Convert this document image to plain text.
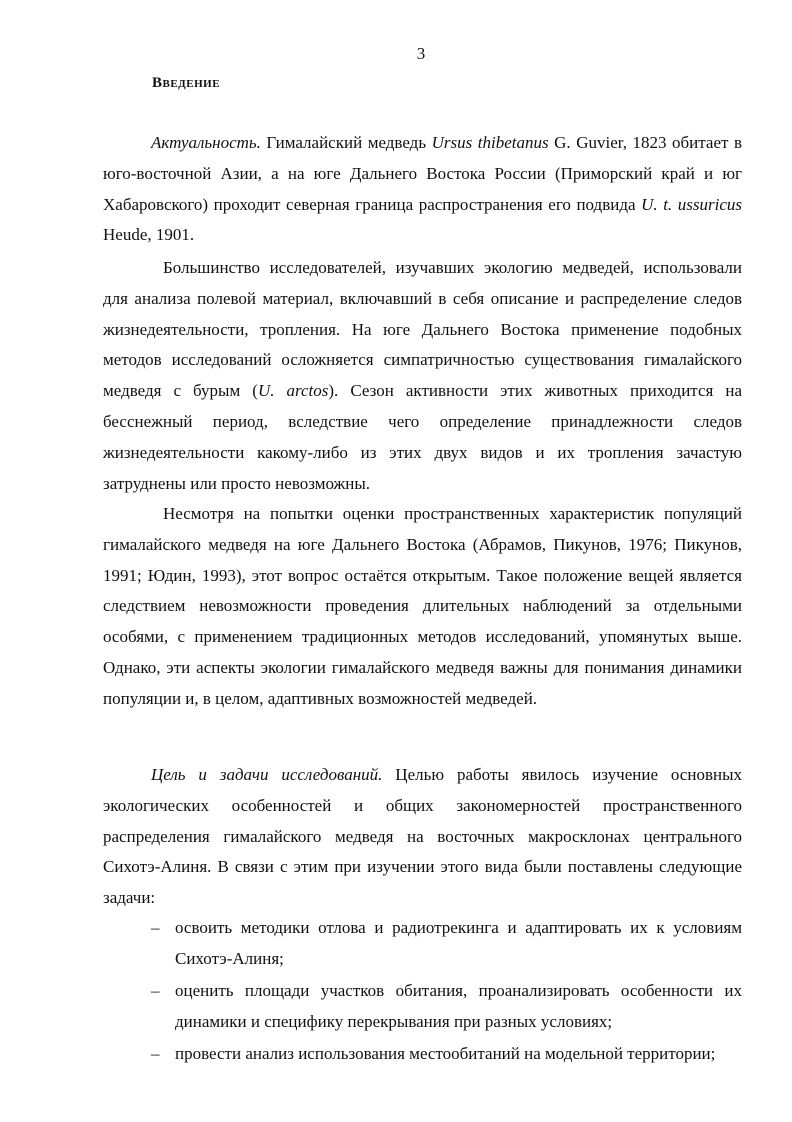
3
Введение

Актуальность. Гималайский медведь Ursus thibetanus G. Guvier, 1823 обитает в юго-восточной Азии, а на юге Дальнего Востока России (Приморский край и юг Хабаровского) проходит северная граница распространения его подвида U. t. ussuricus Heude, 1901.

Большинство исследователей, изучавших экологию медведей, использовали для анализа полевой материал, включавший в себя описание и распределение следов жизнедеятельности, тропления. На юге Дальнего Востока применение подобных методов исследований осложняется симпатричностью существования гималайского медведя с бурым (U. arctos). Сезон активности этих животных приходится на бесснежный период, вследствие чего определение принадлежности следов жизнедеятельности какому-либо из этих двух видов и их тропления зачастую затруднены или просто невозможны.

Несмотря на попытки оценки пространственных характеристик популяций гималайского медведя на юге Дальнего Востока (Абрамов, Пикунов, 1976; Пикунов, 1991; Юдин, 1993), этот вопрос остаётся открытым. Такое положение вещей является следствием невозможности проведения длительных наблюдений за отдельными особями, с применением традиционных методов исследований, упомянутых выше. Однако, эти аспекты экологии гималайского медведя важны для понимания динамики популяции и, в целом, адаптивных возможностей медведей.

Цель и задачи исследований. Целью работы явилось изучение основных экологических особенностей и общих закономерностей пространственного распределения гималайского медведя на восточных макросклонах центрального Сихотэ-Алиня. В связи с этим при изучении этого вида были поставлены следующие задачи:

– освоить методики отлова и радиотрекинга и адаптировать их к условиям Сихотэ-Алиня;
– оценить площади участков обитания, проанализировать особенности их динамики и специфику перекрывания при разных условиях;
– провести анализ использования местообитаний на модельной территории;
